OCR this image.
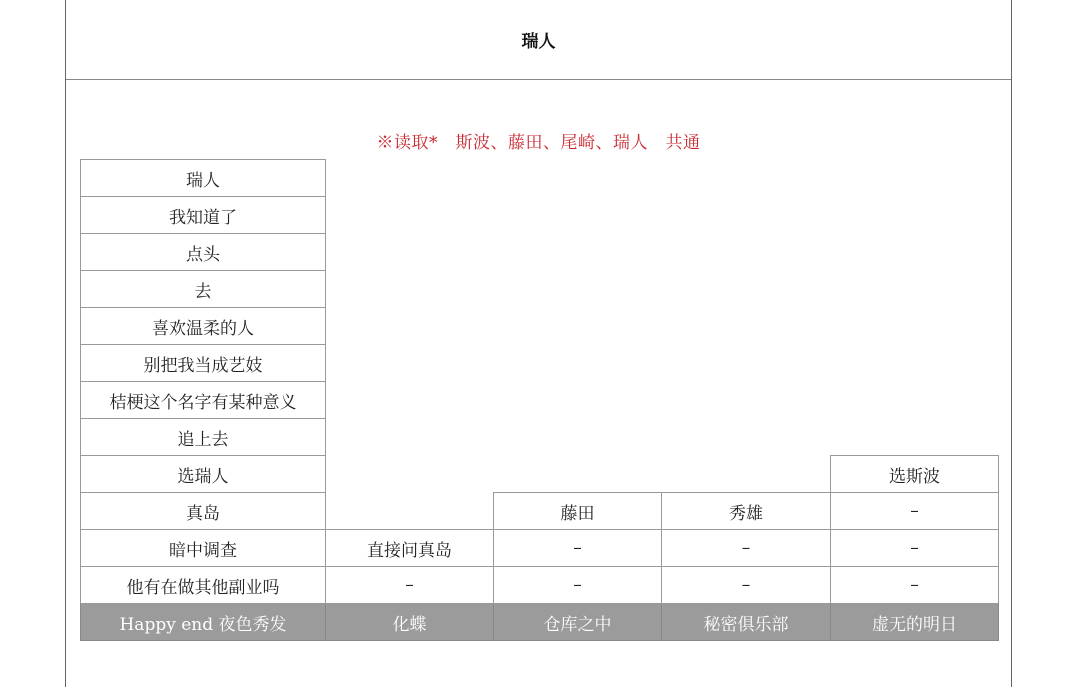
瑞人
※读取*　斯波、藤田、尾崎、瑞人　共通
瑞人				
我知道了				
点头				
去				
喜欢温柔的人				
别把我当成艺妓				
桔梗这个名字有某种意义				
追上去				
选瑞人				选斯波
真岛		藤田	秀雄	–
暗中调查	直接问真岛	–	–	–
他有在做其他副业吗	–	–	–	–
Happy end 夜色秀发	化蝶	仓库之中	秘密俱乐部	虚无的明日
